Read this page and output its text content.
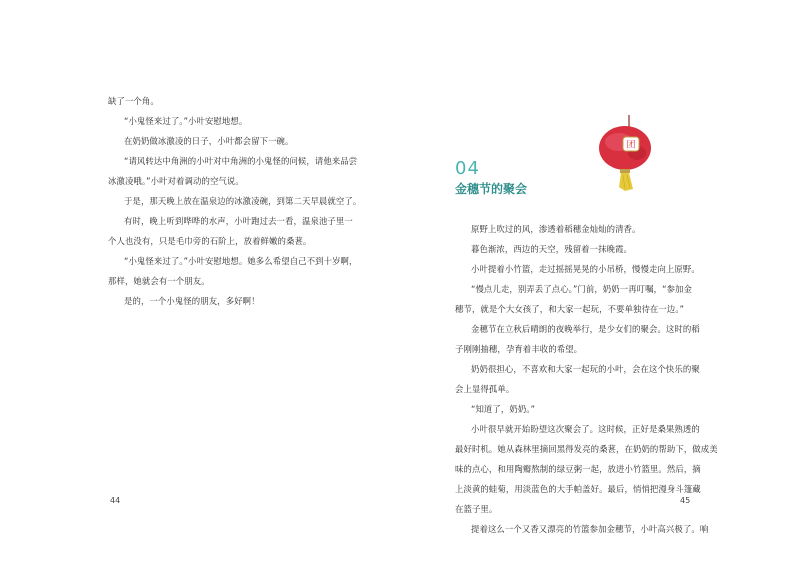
缺了一个角。
“小鬼怪来过了。”小叶安慰地想。
在奶奶做冰激凌的日子，小叶都会留下一碗。
“请风转达中角洲的小叶对中角洲的小鬼怪的问候，请他来品尝
冰激凌哦。”小叶对着调动的空气说。
于是，那天晚上放在温泉边的冰激凌碗，到第二天早晨就空了。
有时，晚上听到哗哗的水声，小叶跑过去一看，温泉池子里一
个人也没有，只是毛巾旁的石阶上，放着鲜嫩的桑葚。
“小鬼怪来过了。”小叶安慰地想。她多么希望自己不到十岁啊，
那样，她就会有一个朋友。
是的，一个小鬼怪的朋友，多好啊！
04
金穗节的聚会
原野上吹过的风，渗透着稻穗金灿灿的清香。
暮色渐浓，西边的天空，残留着一抹晚霞。
小叶提着小竹篮，走过摇摇晃晃的小吊桥，慢慢走向上原野。
“慢点儿走，别弄丢了点心。”门前，奶奶一再叮嘱，“参加金
穗节，就是个大女孩了，和大家一起玩，不要单独待在一边。”
金穗节在立秋后晴朗的夜晚举行，是少女们的聚会。这时的稻
子刚刚抽穗，孕育着丰收的希望。
奶奶很担心，不喜欢和大家一起玩的小叶，会在这个快乐的聚
会上显得孤单。
“知道了，奶奶。”
小叶很早就开始盼望这次聚会了。这时候，正好是桑果熟透的
最好时机。她从森林里摘回黑得发亮的桑葚，在奶奶的帮助下，做成美
味的点心，和用陶瓣熬制的绿豆粥一起，放进小竹篮里。然后，摘
上淡黄的蛙菊，用淡蓝色的大手帕盖好。最后，悄悄把漫身斗篷藏
在篮子里。
提着这么一个又香又漂亮的竹篮参加金穗节，小叶高兴极了。响
团
44	45
